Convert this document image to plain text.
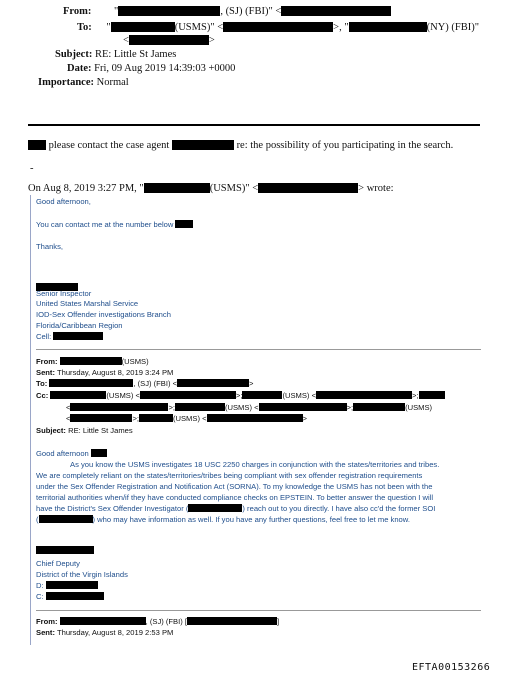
From: "	, (SJ) (FBI)" <
To: "	(USMS)" <	>, "	(NY) (FBI)"
<	>
Subject: RE: Little St James
Date: Fri, 09 Aug 2019 14:39:03 +0000
Importance: Normal
please contact the case agent	re: the possibility of you participating in the search.
-
On Aug 8, 2019 3:27 PM, "	(USMS)" <	> wrote:
Good afternoon,
You can contact me at the number below
Thanks,
Senior Inspector
United States Marshal Service
IOD-Sex Offender investigations Branch
Florida/Caribbean Region
Cell:
From:	(USMS)
Sent: Thursday, August 8, 2019 3:24 PM
To:	, (SJ) (FBI) <	>
Cc:	(USMS) <	>;	(USMS) <	>;
<	>;	(USMS) <	>;	(USMS)
<	>;	(USMS) <	>
Subject: RE: Little St James
Good afternoon
As you know the USMS investigates 18 USC 2250 charges in conjunction with the states/territories and tribes.
We are completely reliant on the states/territories/tribes being compliant with sex offender registration requirements
under the Sex Offender Registration and Notification Act (SORNA). To my knowledge the USMS has not been with the
territorial authorities when/if they have conducted compliance checks on EPSTEIN. To better answer the question I will
have the District's Sex Offender Investigator (	) reach out to you directly. I have also cc'd the former SOI
(	) who may have information as well. If you have any further questions, feel free to let me know.
Chief Deputy
District of the Virgin Islands
D:
C:
From:	, (SJ) (FBI) [	]
Sent: Thursday, August 8, 2019 2:53 PM
EFTA00153266
